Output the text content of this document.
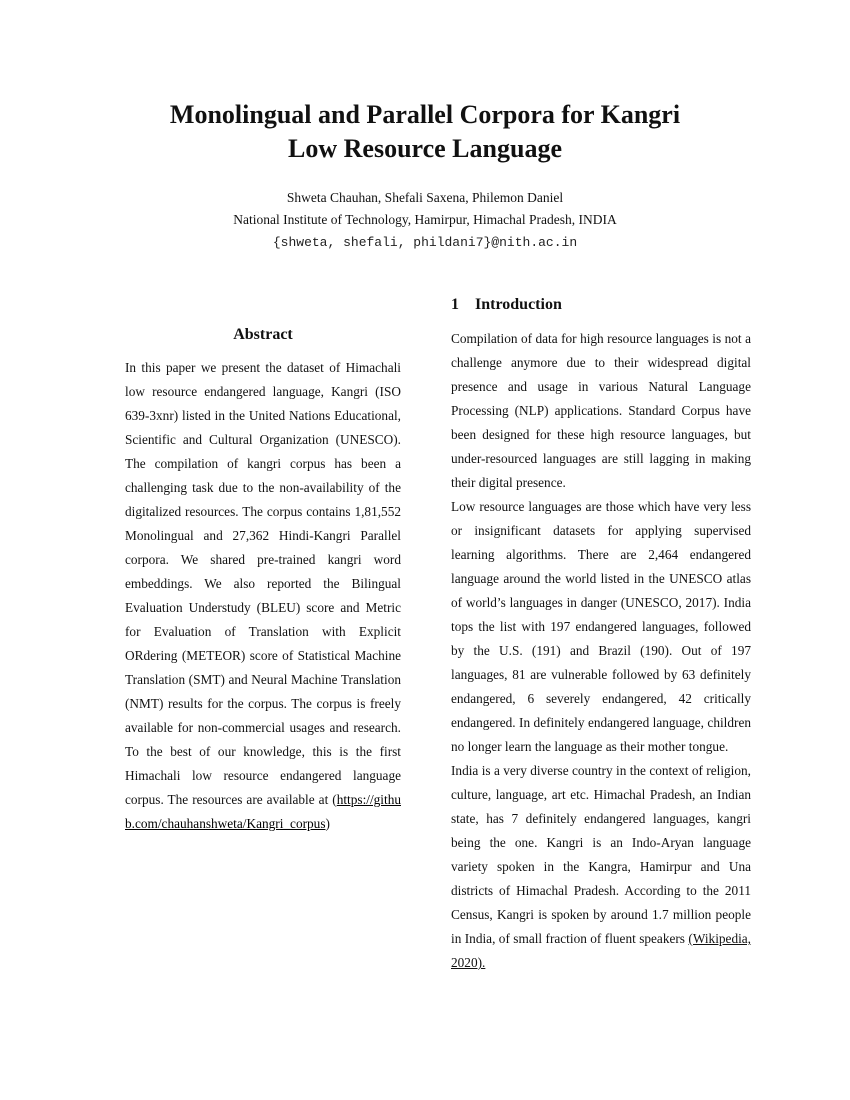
Monolingual and Parallel Corpora for Kangri
Low Resource Language
Shweta Chauhan, Shefali Saxena, Philemon Daniel
National Institute of Technology, Hamirpur, Himachal Pradesh, INDIA
{shweta, shefali, phildani7}@nith.ac.in
Abstract

In this paper we present the dataset of Himachali low resource endangered language, Kangri (ISO 639-3xnr) listed in the United Nations Educational, Scientific and Cultural Organization (UNESCO). The compilation of kangri corpus has been a challenging task due to the non-availability of the digitalized resources. The corpus contains 1,81,552 Monolingual and 27,362 Hindi-Kangri Parallel corpora. We shared pre-trained kangri word embeddings. We also reported the Bilingual Evaluation Understudy (BLEU) score and Metric for Evaluation of Translation with Explicit ORdering (METEOR) score of Statistical Machine Translation (SMT) and Neural Machine Translation (NMT) results for the corpus. The corpus is freely available for non-commercial usages and research. To the best of our knowledge, this is the first Himachali low resource endangered language corpus. The resources are available at (https://github.com/chauhanshweta/Kangri_corpus)

1 Introduction

Compilation of data for high resource languages is not a challenge anymore due to their widespread digital presence and usage in various Natural Language Processing (NLP) applications. Standard Corpus have been designed for these high resource languages, but under-resourced languages are still lagging in making their digital presence.

Low resource languages are those which have very less or insignificant datasets for applying supervised learning algorithms. There are 2,464 endangered language around the world listed in the UNESCO atlas of world’s languages in danger (UNESCO, 2017). India tops the list with 197 endangered languages, followed by the U.S. (191) and Brazil (190). Out of 197 languages, 81 are vulnerable followed by 63 definitely endangered, 6 severely endangered, 42 critically endangered. In definitely endangered language, children no longer learn the language as their mother tongue.

India is a very diverse country in the context of religion, culture, language, art etc. Himachal Pradesh, an Indian state, has 7 definitely endangered languages, kangri being the one. Kangri is an Indo-Aryan language variety spoken in the Kangra, Hamirpur and Una districts of Himachal Pradesh. According to the 2011 Census, Kangri is spoken by around 1.7 million people in India, of small fraction of fluent speakers (Wikipedia, 2020).
